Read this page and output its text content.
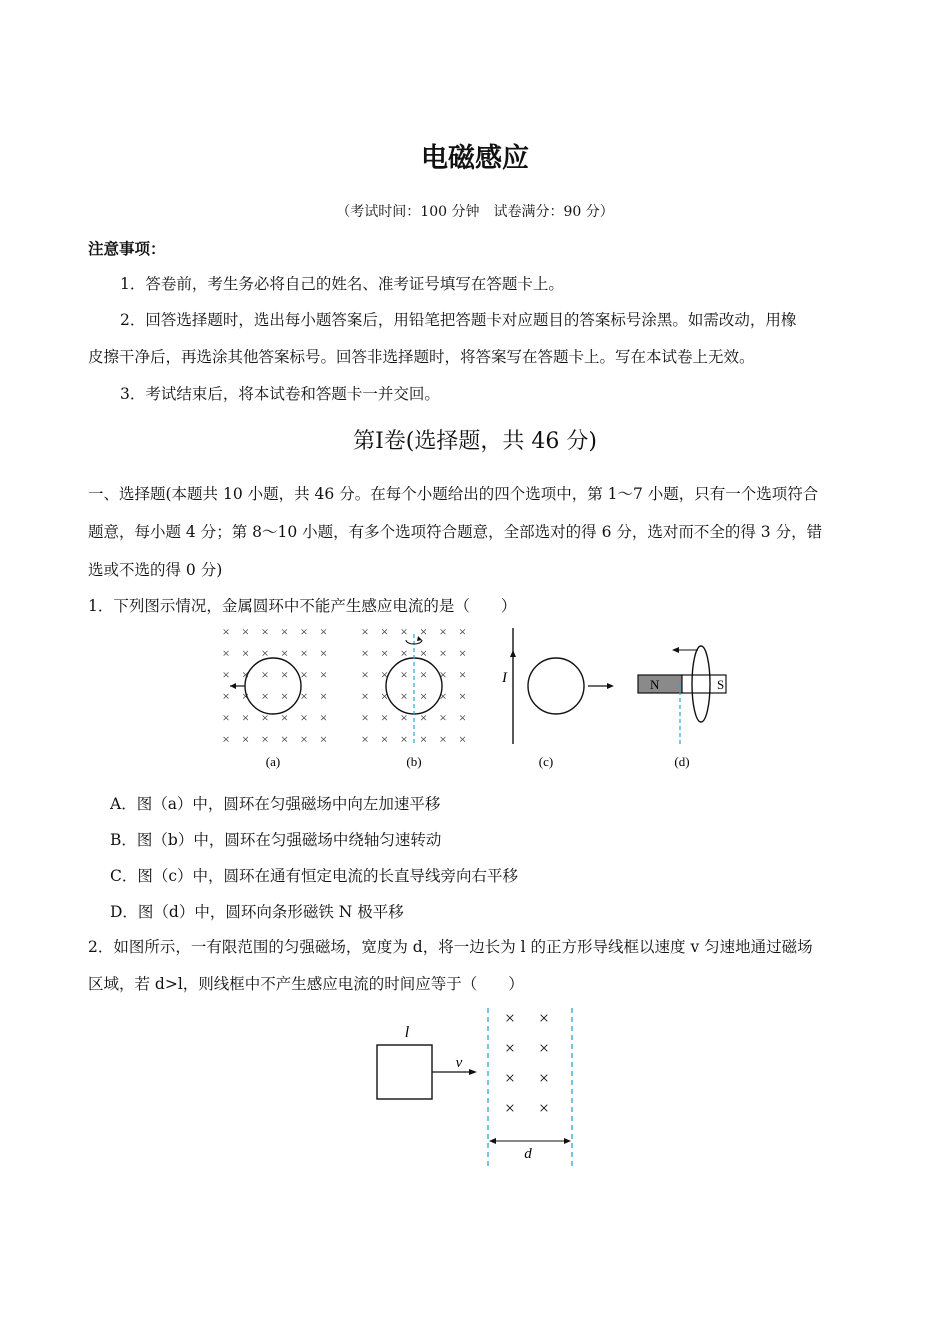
电磁感应
（考试时间：100 分钟　试卷满分：90 分）
注意事项：
1．答卷前，考生务必将自己的姓名、准考证号填写在答题卡上。
2．回答选择题时，选出每小题答案后，用铅笔把答题卡对应题目的答案标号涂黑。如需改动，用橡
皮擦干净后，再选涂其他答案标号。回答非选择题时，将答案写在答题卡上。写在本试卷上无效。
3．考试结束后，将本试卷和答题卡一并交回。
第Ⅰ卷(选择题，共 46 分)
一、选择题(本题共 10 小题，共 46 分。在每个小题给出的四个选项中，第 1～7 小题，只有一个选项符合
题意，每小题 4 分；第 8～10 小题，有多个选项符合题意，全部选对的得 6 分，选对而不全的得 3 分，错
选或不选的得 0 分)
1．下列图示情况，金属圆环中不能产生感应电流的是（　　）
× × × × × ×
× × × × × ×
× × × × × ×
× × × × × ×
× × × × × ×
× × × × × ×
× × × × × ×
× × × × × ×
× × × × × ×
× × × × × ×
× × × × × ×
× × × × × ×
I	N	S
(a)	(b)	(c)	(d)
A．图（a）中，圆环在匀强磁场中向左加速平移
B．图（b）中，圆环在匀强磁场中绕轴匀速转动
C．图（c）中，圆环在通有恒定电流的长直导线旁向右平移
D．图（d）中，圆环向条形磁铁 N 极平移
2．如图所示，一有限范围的匀强磁场，宽度为 d，将一边长为 l 的正方形导线框以速度 v 匀速地通过磁场
区域，若 d>l，则线框中不产生感应电流的时间应等于（　　）
l
v
× ×
× ×
× ×
× ×
d
